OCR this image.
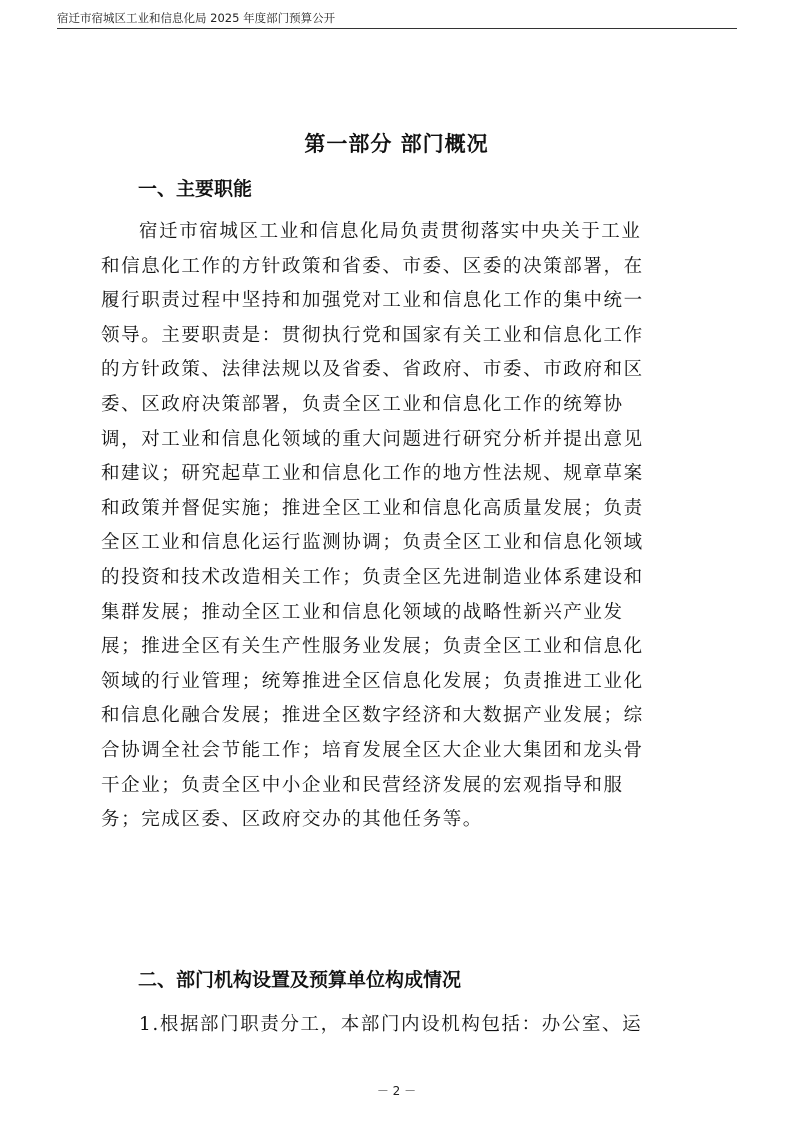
宿迁市宿城区工业和信息化局 2025 年度部门预算公开
第一部分 部门概况
一、主要职能
宿迁市宿城区工业和信息化局负责贯彻落实中央关于工业
和信息化工作的方针政策和省委、市委、区委的决策部署，在
履行职责过程中坚持和加强党对工业和信息化工作的集中统一
领导。主要职责是：贯彻执行党和国家有关工业和信息化工作
的方针政策、法律法规以及省委、省政府、市委、市政府和区
委、区政府决策部署，负责全区工业和信息化工作的统筹协
调，对工业和信息化领域的重大问题进行研究分析并提出意见
和建议；研究起草工业和信息化工作的地方性法规、规章草案
和政策并督促实施；推进全区工业和信息化高质量发展；负责
全区工业和信息化运行监测协调；负责全区工业和信息化领域
的投资和技术改造相关工作；负责全区先进制造业体系建设和
集群发展；推动全区工业和信息化领域的战略性新兴产业发
展；推进全区有关生产性服务业发展；负责全区工业和信息化
领域的行业管理；统筹推进全区信息化发展；负责推进工业化
和信息化融合发展；推进全区数字经济和大数据产业发展；综
合协调全社会节能工作；培育发展全区大企业大集团和龙头骨
干企业；负责全区中小企业和民营经济发展的宏观指导和服
务；完成区委、区政府交办的其他任务等。
二、部门机构设置及预算单位构成情况
1.根据部门职责分工，本部门内设机构包括：办公室、运
－ 2 －
